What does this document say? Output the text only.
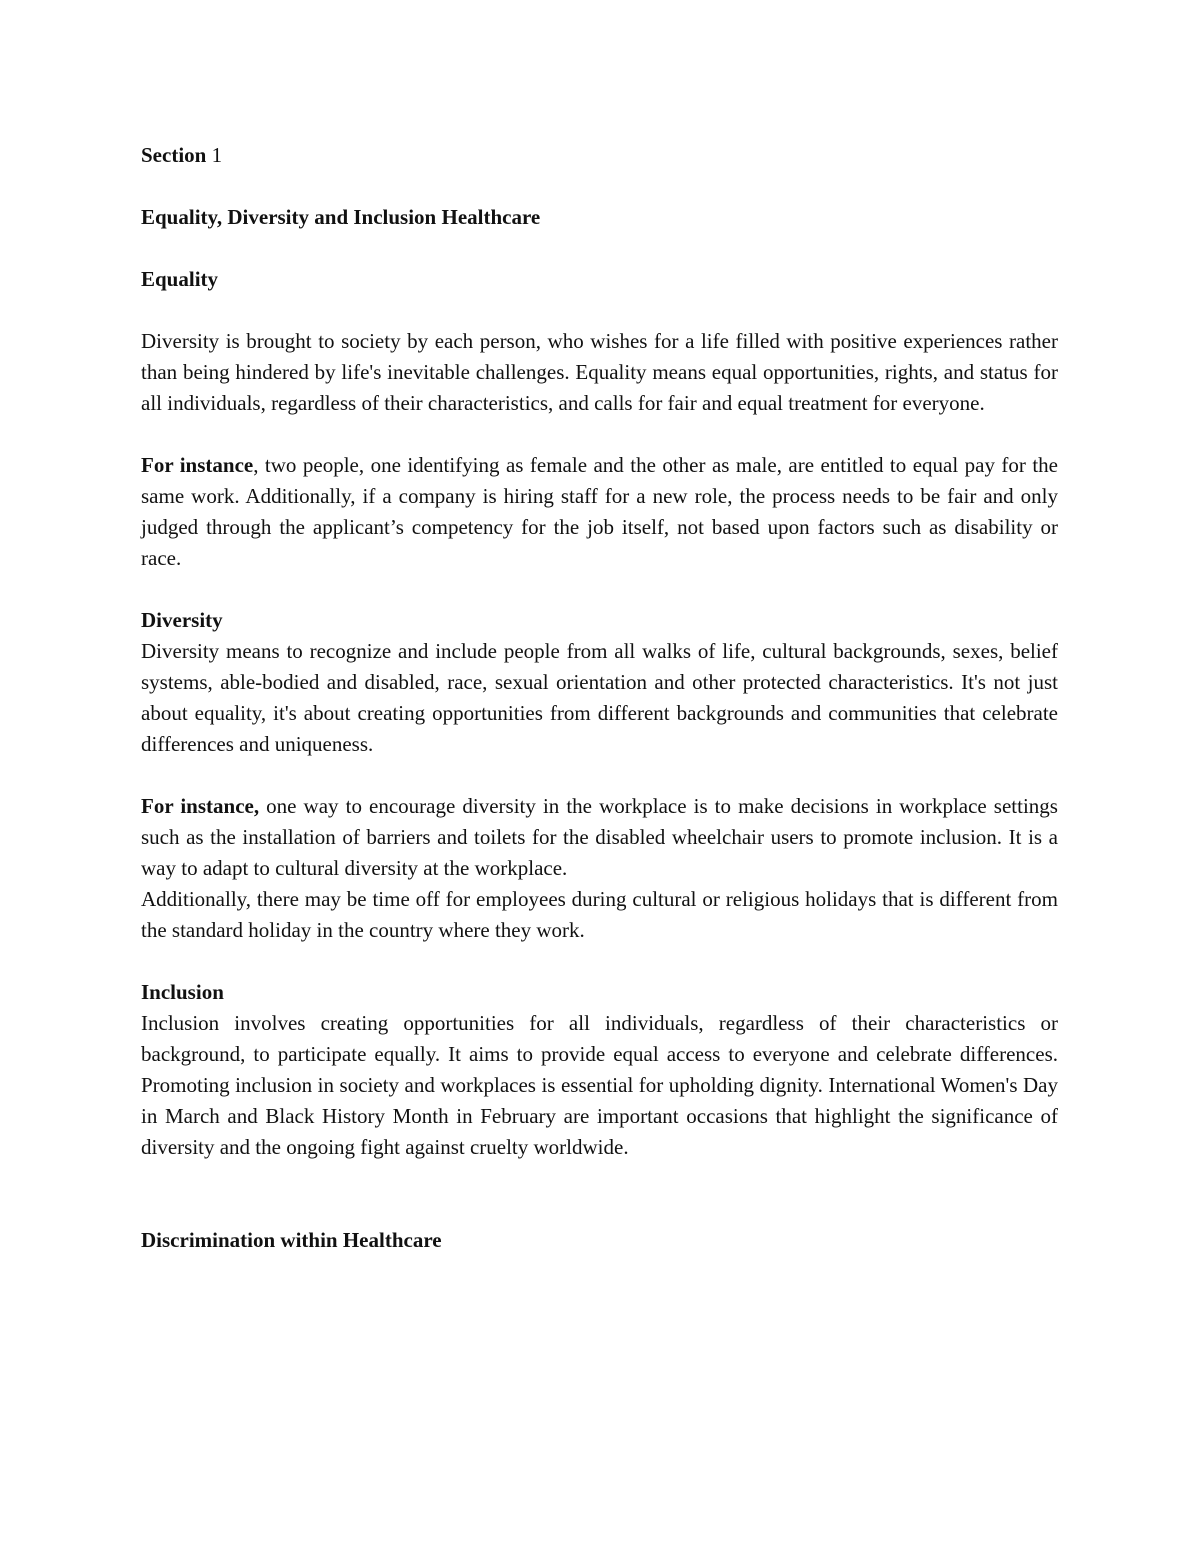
Section 1

Equality, Diversity and Inclusion Healthcare

Equality

Diversity is brought to society by each person, who wishes for a life filled with positive experiences rather than being hindered by life's inevitable challenges. Equality means equal opportunities, rights, and status for all individuals, regardless of their characteristics, and calls for fair and equal treatment for everyone.

For instance, two people, one identifying as female and the other as male, are entitled to equal pay for the same work. Additionally, if a company is hiring staff for a new role, the process needs to be fair and only judged through the applicant’s competency for the job itself, not based upon factors such as disability or race.

Diversity

Diversity means to recognize and include people from all walks of life, cultural backgrounds, sexes, belief systems, able-bodied and disabled, race, sexual orientation and other protected characteristics. It's not just about equality, it's about creating opportunities from different backgrounds and communities that celebrate differences and uniqueness.

For instance, one way to encourage diversity in the workplace is to make decisions in workplace settings such as the installation of barriers and toilets for the disabled wheelchair users to promote inclusion. It is a way to adapt to cultural diversity at the workplace.

Additionally, there may be time off for employees during cultural or religious holidays that is different from the standard holiday in the country where they work.

Inclusion

Inclusion involves creating opportunities for all individuals, regardless of their characteristics or background, to participate equally. It aims to provide equal access to everyone and celebrate differences. Promoting inclusion in society and workplaces is essential for upholding dignity. International Women's Day in March and Black History Month in February are important occasions that highlight the significance of diversity and the ongoing fight against cruelty worldwide.

Discrimination within Healthcare
